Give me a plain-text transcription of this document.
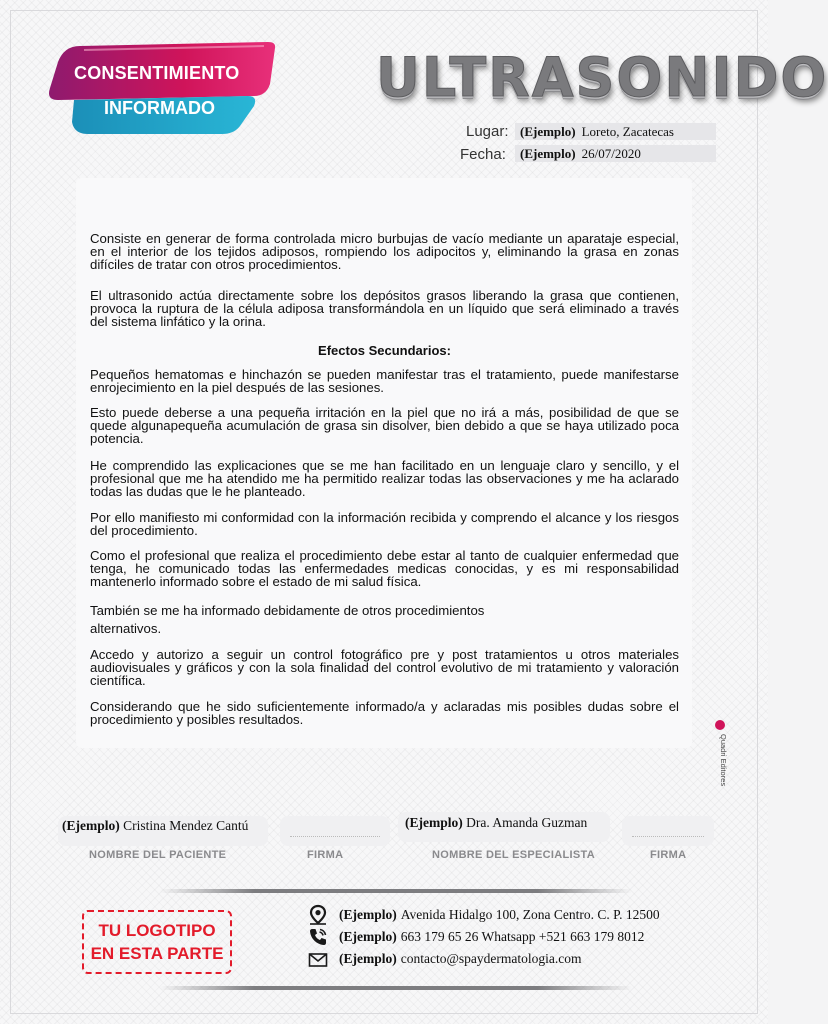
CONSENTIMIENTO
INFORMADO	ULTRASONIDO
Lugar: (Ejemplo) Loreto, Zacatecas
Fecha:	(Ejemplo) 26/07/2020
Consiste en generar de forma controlada micro burbujas de vacío mediante un aparataje especial, en el interior de los tejidos adiposos, rompiendo los adipocitos y, eliminando la grasa en zonas difíciles de tratar con otros procedimientos.
El ultrasonido actúa directamente sobre los depósitos grasos liberando la grasa que contienen, provoca la ruptura de la célula adiposa transformándola en un líquido que será eliminado a través del sistema linfático y la orina.
Efectos Secundarios:
Pequeños hematomas e hinchazón se pueden manifestar tras el tratamiento, puede manifestarse enrojecimiento en la piel después de las sesiones.
Esto puede deberse a una pequeña irritación en la piel que no irá a más, posibilidad de que se quede algunapequeña acumulación de grasa sin disolver, bien debido a que se haya utilizado poca potencia.
He comprendido las explicaciones que se me han facilitado en un lenguaje claro y sencillo, y el profesional que me ha atendido me ha permitido realizar todas las observaciones y me ha aclarado todas las dudas que le he planteado.
Por ello manifiesto mi conformidad con la información recibida y comprendo el alcance y los riesgos del procedimiento.
Como el profesional que realiza el procedimiento debe estar al tanto de cualquier enfermedad que tenga, he comunicado todas las enfermedades medicas conocidas, y es mi responsabilidad mantenerlo informado sobre el estado de mi salud física.
También se me ha informado debidamente de otros procedimientos
alternativos.
Accedo y autorizo a seguir un control fotográfico pre y post tratamientos u otros materiales audiovisuales y gráficos y con la sola finalidad del control evolutivo de mi tratamiento y valoración científica.
Considerando que he sido suficientemente informado/a y aclaradas mis posibles dudas sobre el procedimiento y posibles resultados.
Quadri Editores
(Ejemplo) Cristina Mendez Cantú	(Ejemplo) Dra. Amanda Guzman
NOMBRE DEL PACIENTE	FIRMA	NOMBRE DEL ESPECIALISTA	FIRMA
TU LOGOTIPO
EN ESTA PARTE
(Ejemplo) Avenida Hidalgo 100, Zona Centro. C. P. 12500
(Ejemplo) 663 179 65 26 Whatsapp +521 663 179 8012
(Ejemplo) contacto@spaydermatologia.com
